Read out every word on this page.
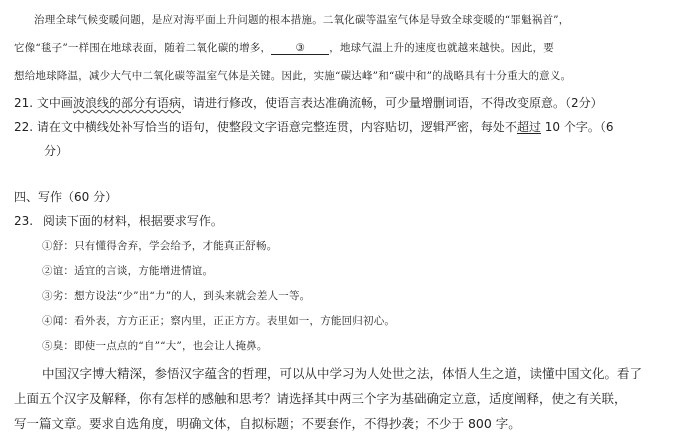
治理全球气候变暖问题，是应对海平面上升问题的根本措施。二氧化碳等温室气体是导致全球变暖的“罪魁祸首”，
它像“毯子”一样围在地球表面，随着二氧化碳的增多， ③ ，地球气温上升的速度也就越来越快。因此，要
想给地球降温，减少大气中二氧化碳等温室气体是关键。因此，实施“碳达峰”和“碳中和”的战略具有十分重大的意义。
21. 文中画波浪线的部分有语病，请进行修改，使语言表达准确流畅，可少量增删词语，不得改变原意。（2分）
22. 请在文中横线处补写恰当的语句，使整段文字语意完整连贯，内容贴切，逻辑严密，每处不超过 10 个字。（6
分）
四、写作（60 分）
23. 阅读下面的材料，根据要求写作。
①舒：只有懂得舍弃，学会给予，才能真正舒畅。
②谊：适宜的言谈，方能增进情谊。
③劣：想方设法“少”出“力”的人，到头来就会差人一等。
④闻：看外表，方方正正；察内里，正正方方。表里如一，方能回归初心。
⑤臭：即使一点点的“自”“大”，也会让人掩鼻。
中国汉字博大精深，参悟汉字蕴含的哲理，可以从中学习为人处世之法，体悟人生之道，读懂中国文化。看了
上面五个汉字及解释，你有怎样的感触和思考？请选择其中两三个字为基础确定立意，适度阐释，使之有关联，
写一篇文章。要求自选角度，明确文体，自拟标题；不要套作，不得抄袭；不少于 800 字。
